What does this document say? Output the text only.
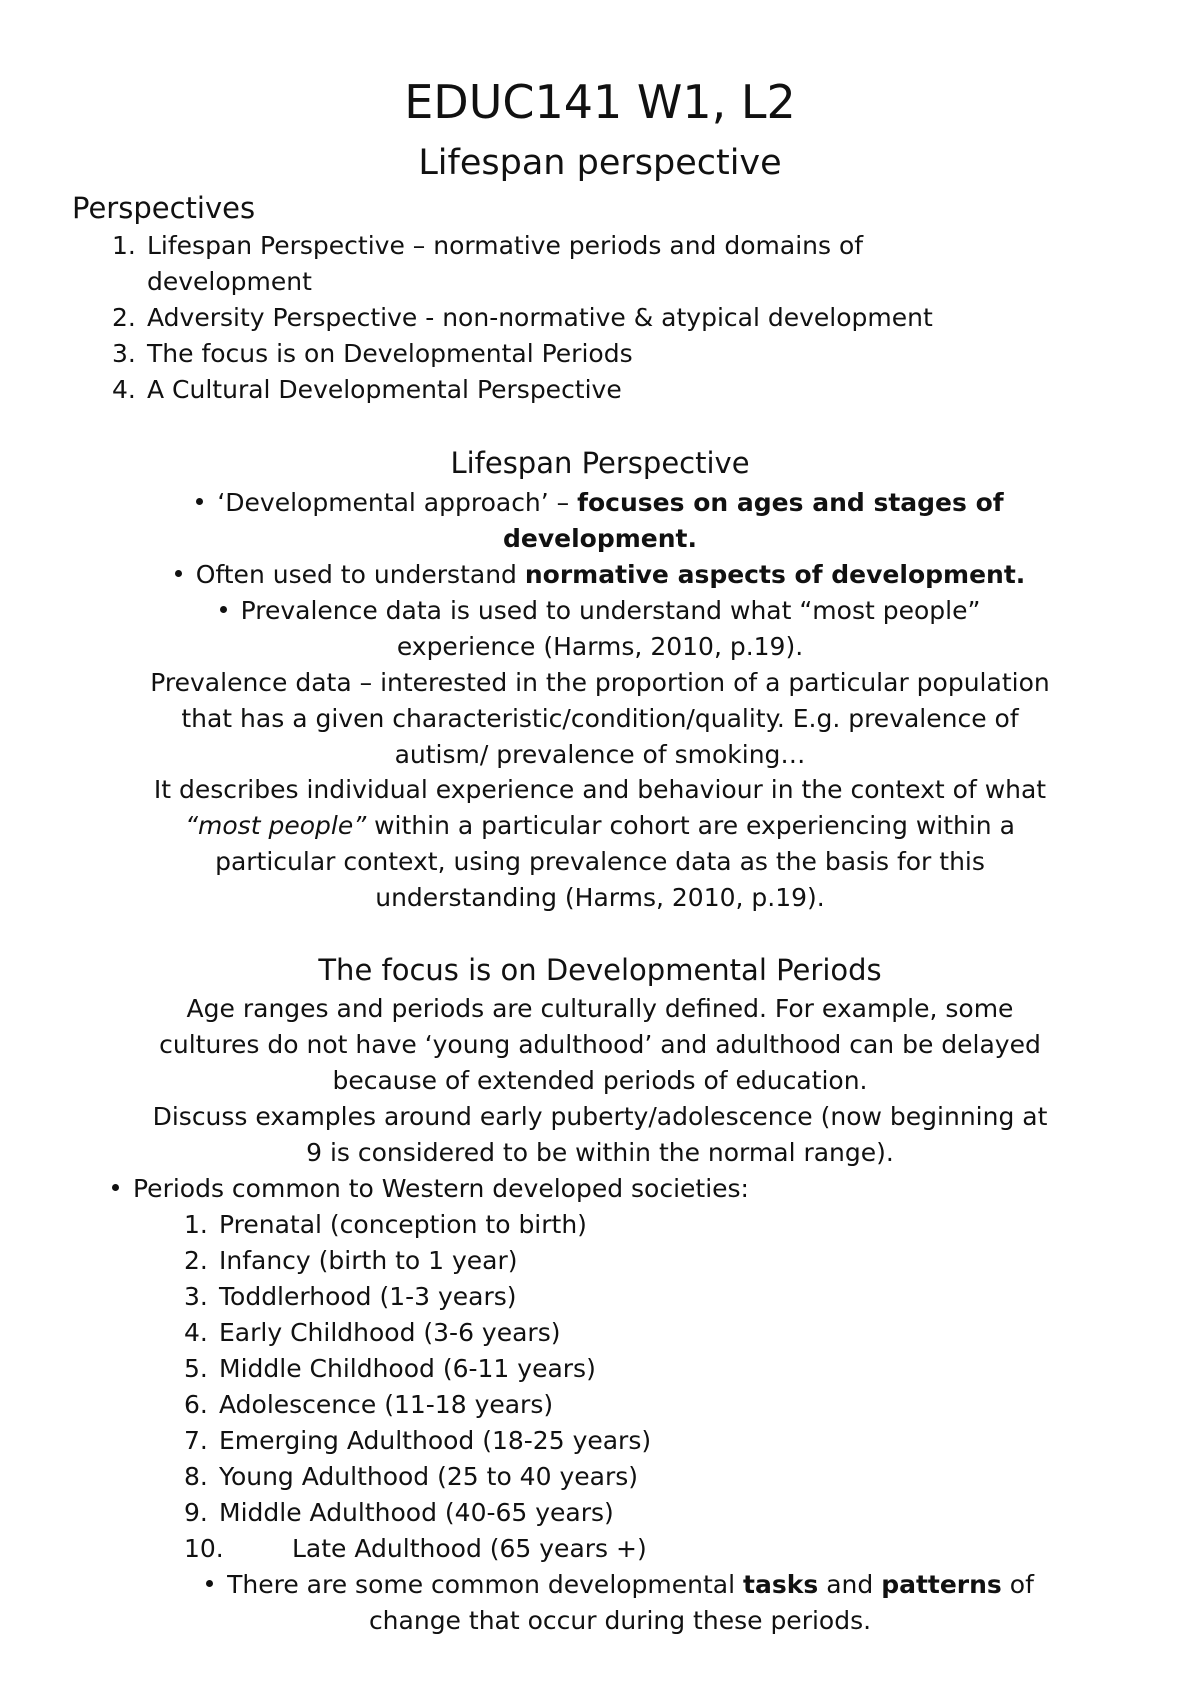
EDUC141 W1, L2
Lifespan perspective
Perspectives
1. Lifespan Perspective – normative periods and domains of
development
2. Adversity Perspective - non-normative & atypical development
3. The focus is on Developmental Periods
4. A Cultural Developmental Perspective
Lifespan Perspective
‘Developmental approach’ – focuses on ages and stages of
development.
Often used to understand normative aspects of development.
Prevalence data is used to understand what “most people”
experience (Harms, 2010, p.19).
Prevalence data – interested in the proportion of a particular population
that has a given characteristic/condition/quality. E.g. prevalence of
autism/ prevalence of smoking…
It describes individual experience and behaviour in the context of what
“most people” within a particular cohort are experiencing within a
particular context, using prevalence data as the basis for this
understanding (Harms, 2010, p.19).
The focus is on Developmental Periods
Age ranges and periods are culturally defined. For example, some
cultures do not have ‘young adulthood’ and adulthood can be delayed
because of extended periods of education.
Discuss examples around early puberty/adolescence (now beginning at
9 is considered to be within the normal range).
Periods common to Western developed societies:
1. Prenatal (conception to birth)
2. Infancy (birth to 1 year)
3. Toddlerhood (1-3 years)
4. Early Childhood (3-6 years)
5. Middle Childhood (6-11 years)
6. Adolescence (11-18 years)
7. Emerging Adulthood (18-25 years)
8. Young Adulthood (25 to 40 years)
9. Middle Adulthood (40-65 years)
10.	Late Adulthood (65 years +)
There are some common developmental tasks and patterns of
change that occur during these periods.
